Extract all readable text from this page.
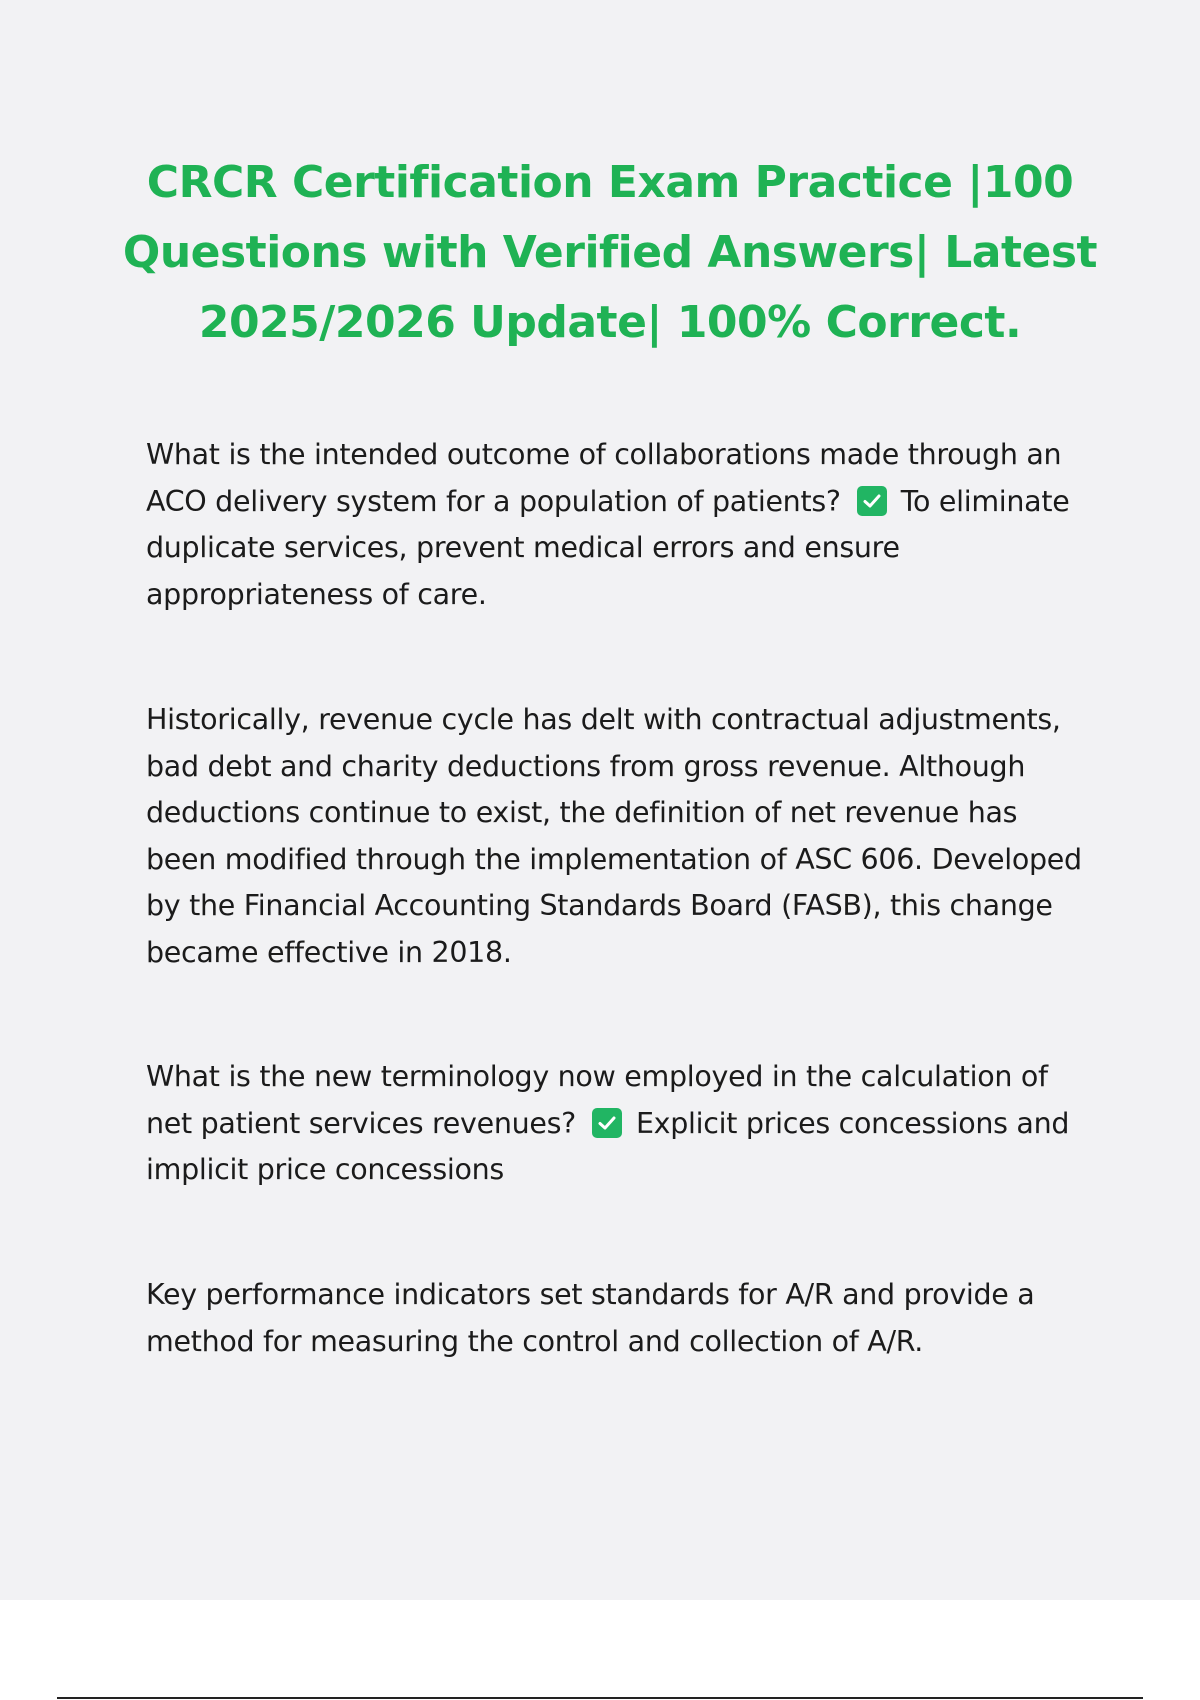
CRCR Certification Exam Practice |100 Questions with Verified Answers| Latest 2025/2026 Update| 100% Correct.

What is the intended outcome of collaborations made through an ACO delivery system for a population of patients? To eliminate duplicate services, prevent medical errors and ensure appropriateness of care.

Historically, revenue cycle has delt with contractual adjustments, bad debt and charity deductions from gross revenue. Although deductions continue to exist, the definition of net revenue has been modified through the implementation of ASC 606. Developed by the Financial Accounting Standards Board (FASB), this change became effective in 2018.

What is the new terminology now employed in the calculation of net patient services revenues? Explicit prices concessions and implicit price concessions

Key performance indicators set standards for A/R and provide a method for measuring the control and collection of A/R.
